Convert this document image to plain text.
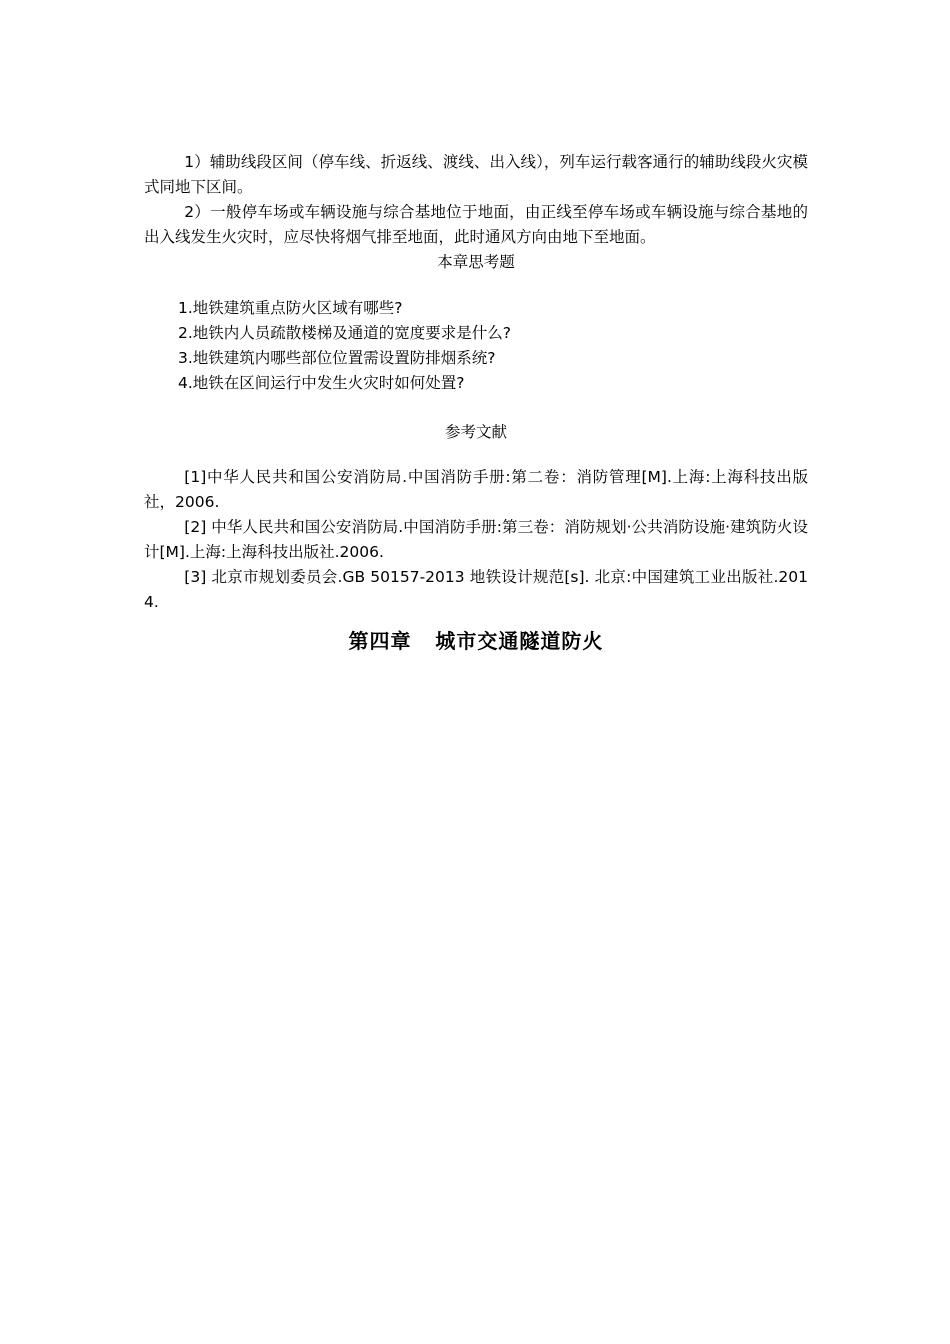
1）辅助线段区间（停车线、折返线、渡线、出入线），列车运行载客通行的辅助线段火灾模式同地下区间。

2）一般停车场或车辆设施与综合基地位于地面，由正线至停车场或车辆设施与综合基地的出入线发生火灾时，应尽快将烟气排至地面，此时通风方向由地下至地面。

本章思考题

1.地铁建筑重点防火区域有哪些?
2.地铁内人员疏散楼梯及通道的宽度要求是什么?
3.地铁建筑内哪些部位位置需设置防排烟系统?
4.地铁在区间运行中发生火灾时如何处置?

参考文献

[1]中华人民共和国公安消防局.中国消防手册:第二卷：消防管理[M].上海:上海科技出版社，2006.

[2] 中华人民共和国公安消防局.中国消防手册:第三卷：消防规划·公共消防设施·建筑防火设计[M].上海:上海科技出版社.2006.

[3] 北京市规划委员会.GB 50157-2013 地铁设计规范[s]. 北京:中国建筑工业出版社.2014.

第四章   城市交通隧道防火
